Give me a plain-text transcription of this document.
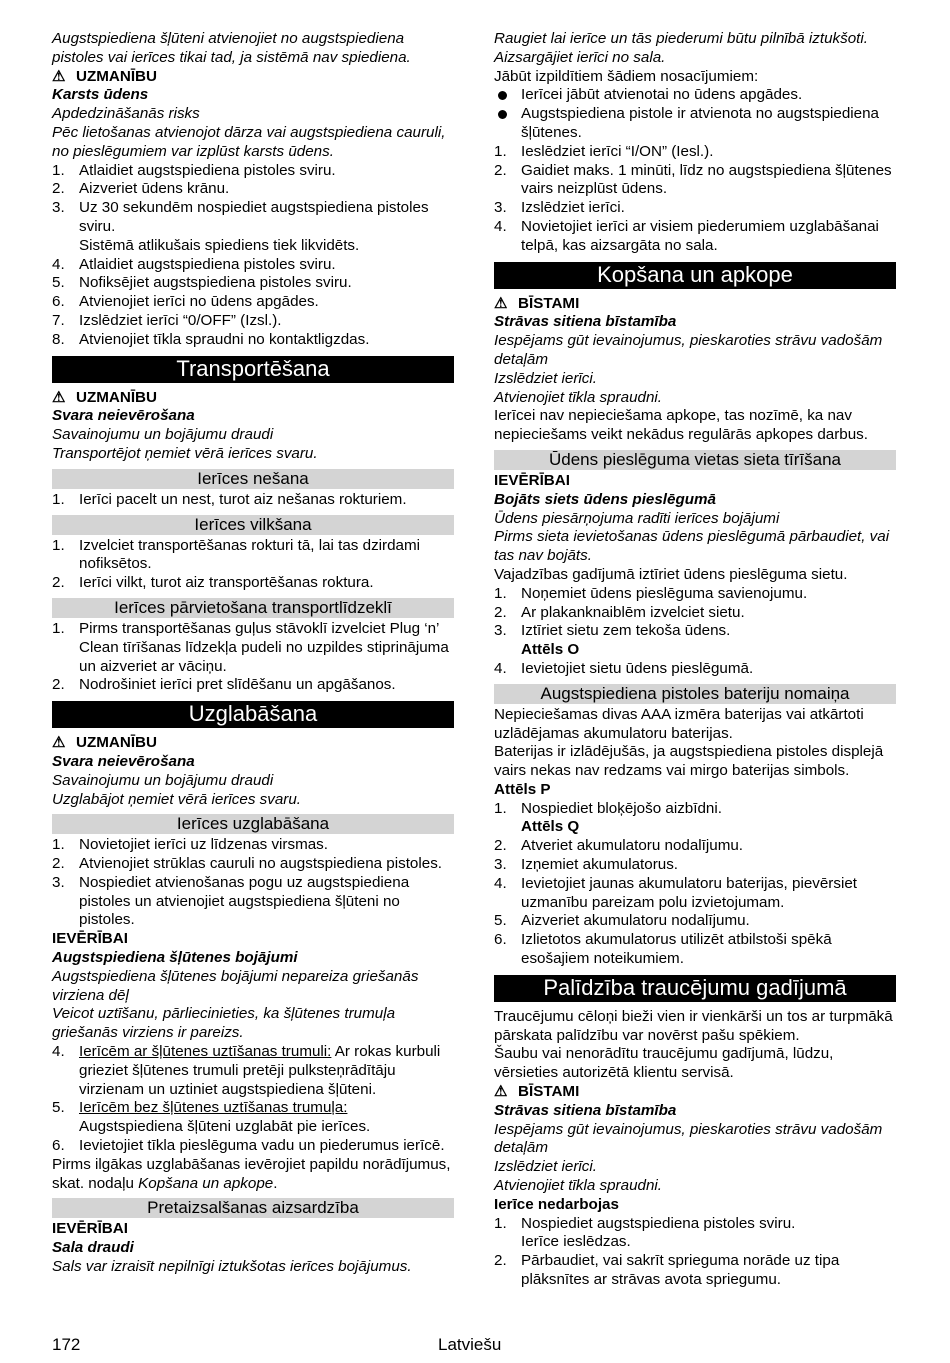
Augstspiediena šļūteni atvienojiet no augstspiediena pistoles vai ierīces tikai tad, ja sistēmā nav spiediena.
⚠ UZMANĪBU
Karsts ūdens
Apdedzināšanās risks
Pēc lietošanas atvienojot dārza vai augstspiediena cauruli, no pieslēgumiem var izplūst karsts ūdens.
1. Atlaidiet augstspiediena pistoles sviru.
2. Aizveriet ūdens krānu.
3. Uz 30 sekundēm nospiediet augstspiediena pistoles sviru.
Sistēmā atlikušais spiediens tiek likvidēts.
4. Atlaidiet augstspiediena pistoles sviru.
5. Nofiksējiet augstspiediena pistoles sviru.
6. Atvienojiet ierīci no ūdens apgādes.
7. Izslēdziet ierīci “0/OFF” (Izsl.).
8. Atvienojiet tīkla spraudni no kontaktligzdas.
Transportēšana
⚠ UZMANĪBU
Svara neievērošana
Savainojumu un bojājumu draudi
Transportējot ņemiet vērā ierīces svaru.
Ierīces nešana
1. Ierīci pacelt un nest, turot aiz nešanas rokturiem.
Ierīces vilkšana
1. Izvelciet transportēšanas rokturi tā, lai tas dzirdami nofiksētos.
2. Ierīci vilkt, turot aiz transportēšanas roktura.
Ierīces pārvietošana transportlīdzeklī
1. Pirms transportēšanas guļus stāvoklī izvelciet Plug ‘n’ Clean tīrīšanas līdzekļa pudeli no uzpildes stiprinājuma un aizveriet ar vāciņu.
2. Nodrošiniet ierīci pret slīdēšanu un apgāšanos.
Uzglabāšana
⚠ UZMANĪBU
Svara neievērošana
Savainojumu un bojājumu draudi
Uzglabājot ņemiet vērā ierīces svaru.
Ierīces uzglabāšana
1. Novietojiet ierīci uz līdzenas virsmas.
2. Atvienojiet strūklas cauruli no augstspiediena pistoles.
3. Nospiediet atvienošanas pogu uz augstspiediena pistoles un atvienojiet augstspiediena šļūteni no pistoles.
IEVĒRĪBAI
Augstspiediena šļūtenes bojājumi
Augstspiediena šļūtenes bojājumi nepareiza griešanās virziena dēļ
Veicot uztīšanu, pārliecinieties, ka šļūtenes trumuļa griešanās virziens ir pareizs.
4. Ierīcēm ar šļūtenes uztīšanas trumuli: Ar rokas kurbuli grieziet šļūtenes trumuli pretēji pulksteņrādītāju virzienam un uztiniet augstspiediena šļūteni.
5. Ierīcēm bez šļūtenes uztīšanas trumuļa: Augstspiediena šļūteni uzglabāt pie ierīces.
6. Ievietojiet tīkla pieslēguma vadu un piederumus ierīcē.
Pirms ilgākas uzglabāšanas ievērojiet papildu norādījumus, skat. nodaļu Kopšana un apkope.
Pretaizsalšanas aizsardzība
IEVĒRĪBAI
Sala draudi
Sals var izraisīt nepilnīgi iztukšotas ierīces bojājumus.
Raugiet lai ierīce un tās piederumi būtu pilnībā iztukšoti.
Aizsargājiet ierīci no sala.
Jābūt izpildītiem šādiem nosacījumiem:
Ierīcei jābūt atvienotai no ūdens apgādes.
Augstspiediena pistole ir atvienota no augstspiediena šļūtenes.
1. Ieslēdziet ierīci “I/ON” (Iesl.).
2. Gaidiet maks. 1 minūti, līdz no augstspiediena šļūtenes vairs neizplūst ūdens.
3. Izslēdziet ierīci.
4. Novietojiet ierīci ar visiem piederumiem uzglabāšanai telpā, kas aizsargāta no sala.
Kopšana un apkope
⚠ BĪSTAMI
Strāvas sitiena bīstamība
Iespējams gūt ievainojumus, pieskaroties strāvu vadošām detaļām
Izslēdziet ierīci.
Atvienojiet tīkla spraudni.
Ierīcei nav nepieciešama apkope, tas nozīmē, ka nav nepieciešams veikt nekādus regulārās apkopes darbus.
Ūdens pieslēguma vietas sieta tīrīšana
IEVĒRĪBAI
Bojāts siets ūdens pieslēgumā
Ūdens piesārņojuma radīti ierīces bojājumi
Pirms sieta ievietošanas ūdens pieslēgumā pārbaudiet, vai tas nav bojāts.
Vajadzības gadījumā iztīriet ūdens pieslēguma sietu.
1. Noņemiet ūdens pieslēguma savienojumu.
2. Ar plakanknaiblēm izvelciet sietu.
3. Iztīriet sietu zem tekoša ūdens.
Attēls O
4. Ievietojiet sietu ūdens pieslēgumā.
Augstspiediena pistoles bateriju nomaiņa
Nepieciešamas divas AAA izmēra baterijas vai atkārtoti uzlādējamas akumulatoru baterijas.
Baterijas ir izlādējušās, ja augstspiediena pistoles displejā vairs nekas nav redzams vai mirgo baterijas simbols.
Attēls P
1. Nospiediet bloķējošo aizbīdni.
Attēls Q
2. Atveriet akumulatoru nodalījumu.
3. Izņemiet akumulatorus.
4. Ievietojiet jaunas akumulatoru baterijas, pievērsiet uzmanību pareizam polu izvietojumam.
5. Aizveriet akumulatoru nodalījumu.
6. Izlietotos akumulatorus utilizēt atbilstoši spēkā esošajiem noteikumiem.
Palīdzība traucējumu gadījumā
Traucējumu cēloņi bieži vien ir vienkārši un tos ar turpmākā pārskata palīdzību var novērst pašu spēkiem.
Šaubu vai nenorādītu traucējumu gadījumā, lūdzu, vērsieties autorizētā klientu servisā.
⚠ BĪSTAMI
Strāvas sitiena bīstamība
Iespējams gūt ievainojumus, pieskaroties strāvu vadošām detaļām
Izslēdziet ierīci.
Atvienojiet tīkla spraudni.
Ierīce nedarbojas
1. Nospiediet augstspiediena pistoles sviru.
Ierīce ieslēdzas.
2. Pārbaudiet, vai sakrīt sprieguma norāde uz tipa plāksnītes ar strāvas avota spriegumu.
172	Latviešu
